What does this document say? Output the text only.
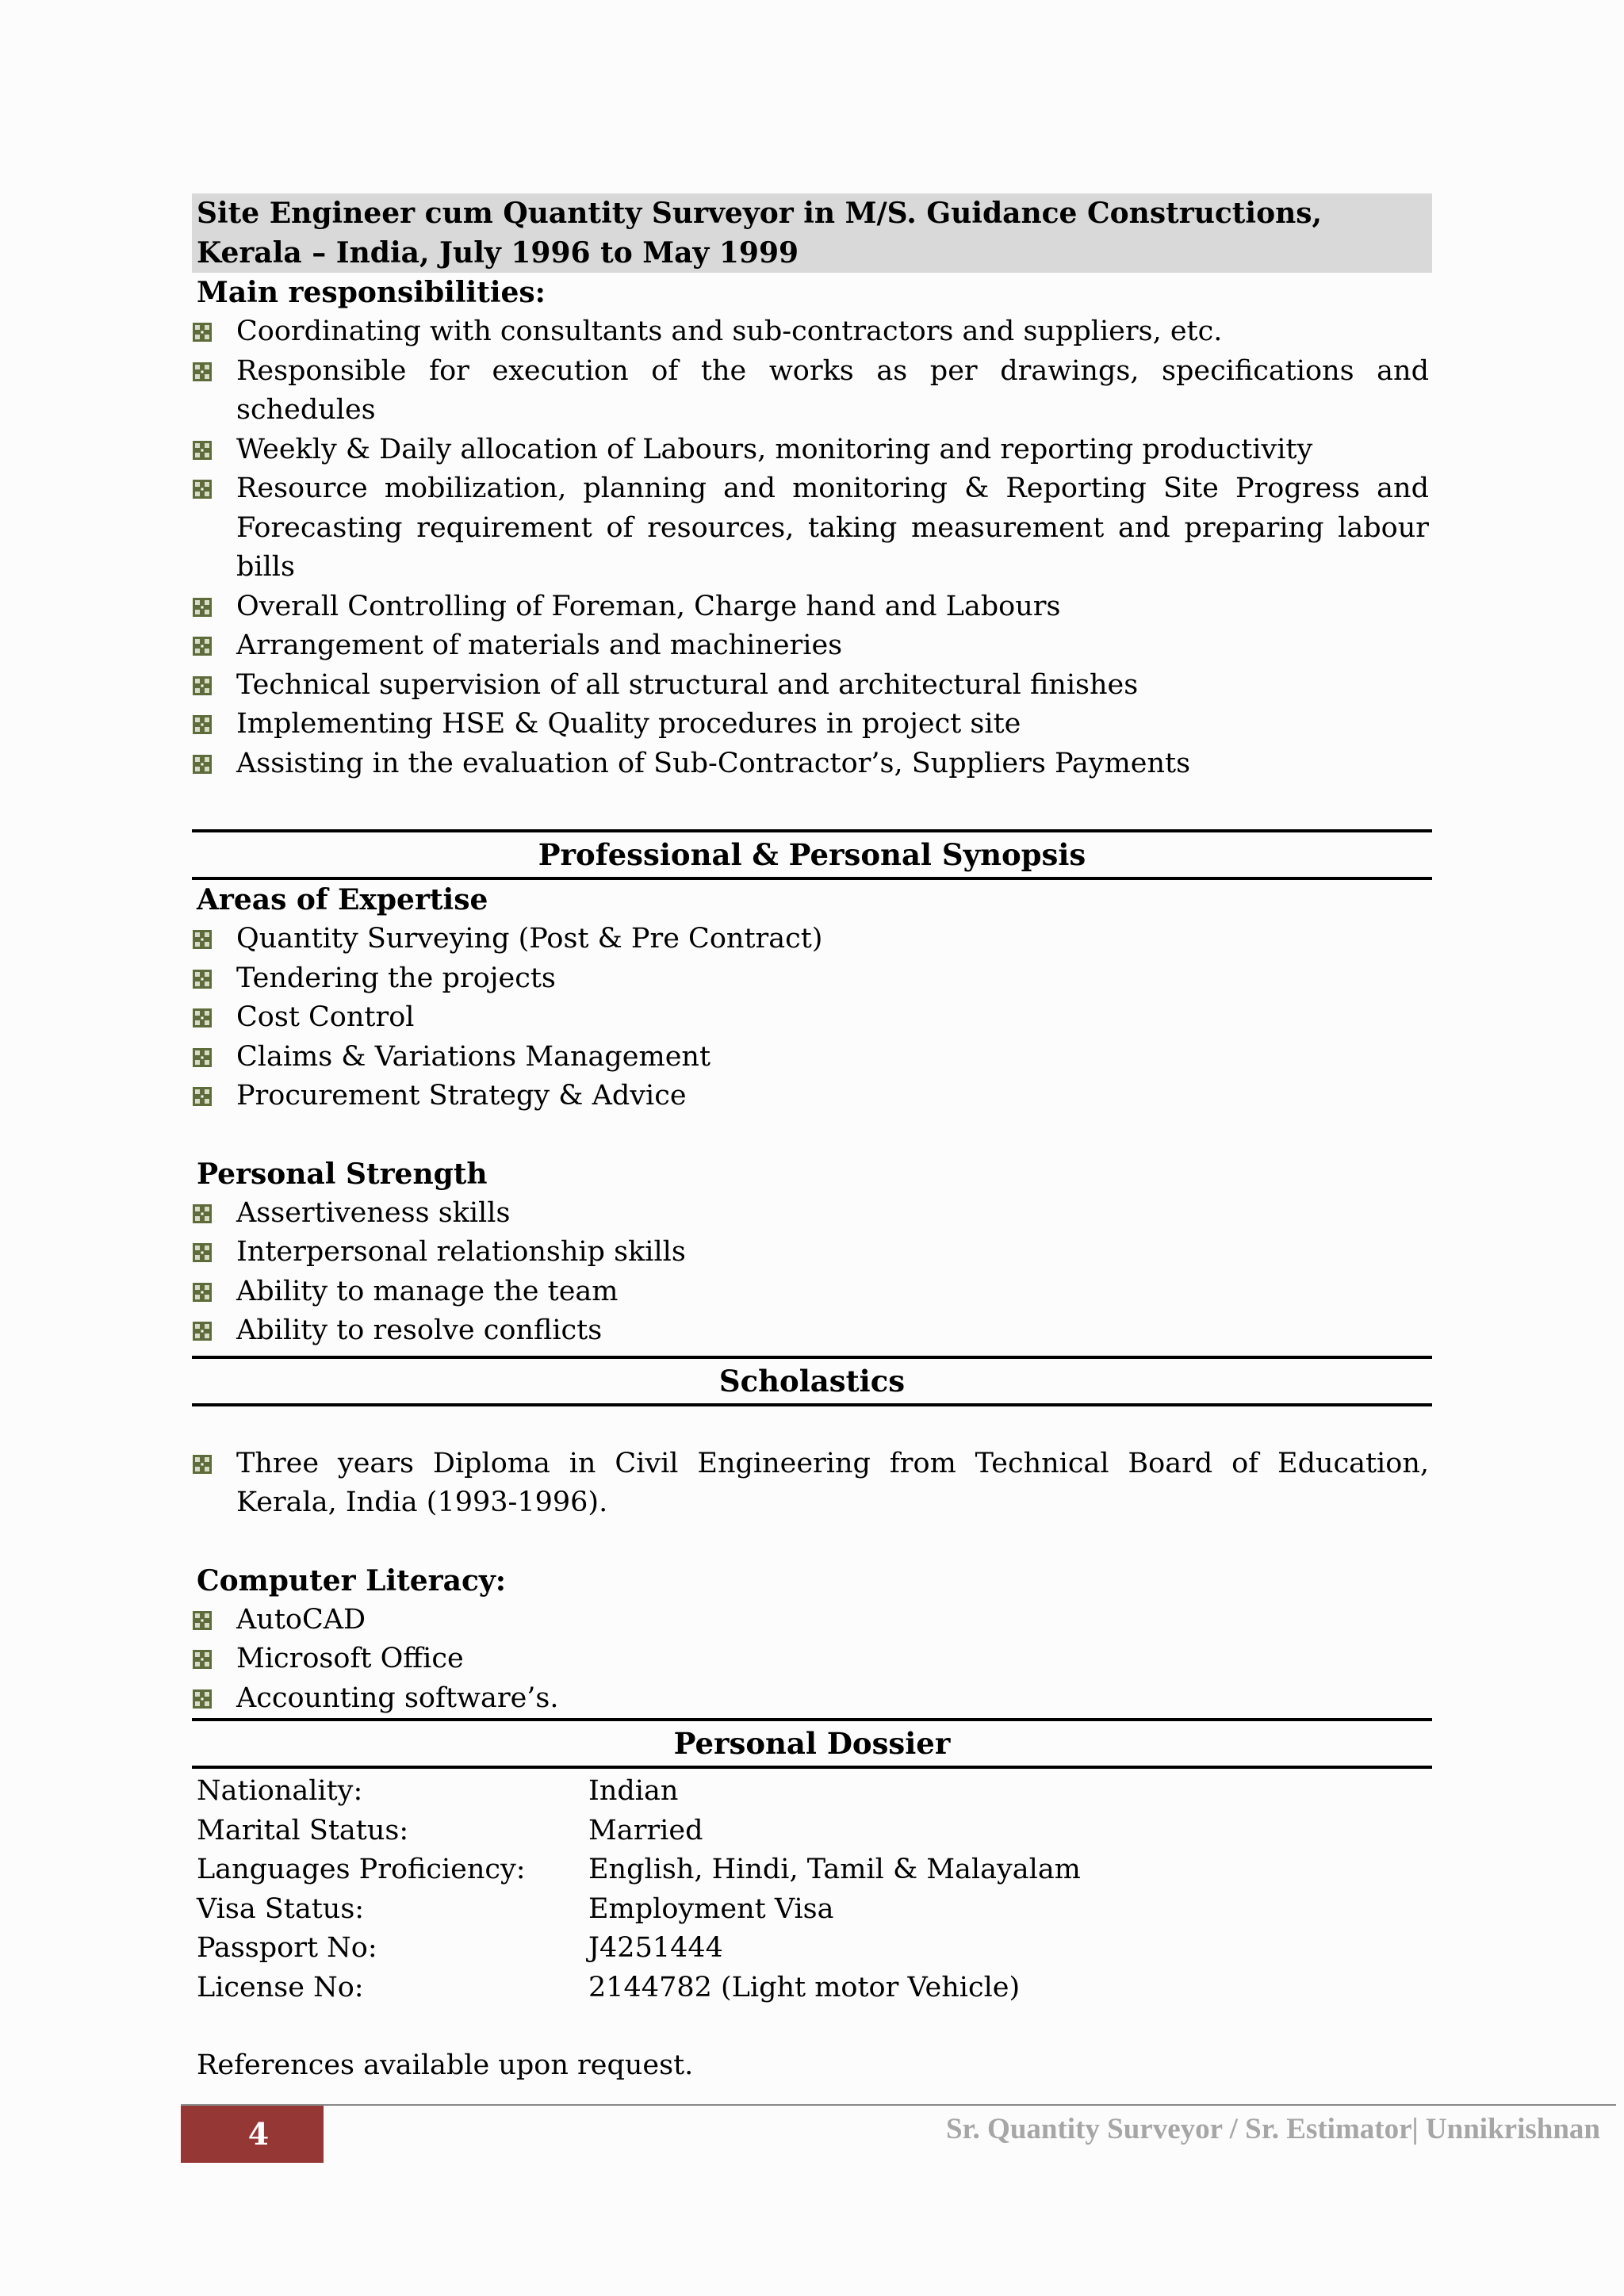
Site Engineer cum Quantity Surveyor in M/S. Guidance Constructions, Kerala – India, July 1996 to May 1999
Main responsibilities:
Coordinating with consultants and sub-contractors and suppliers, etc.
Responsible for execution of the works as per drawings, specifications and schedules
Weekly & Daily allocation of Labours, monitoring and reporting productivity
Resource mobilization, planning and monitoring & Reporting Site Progress and Forecasting requirement of resources, taking measurement and preparing labour bills
Overall Controlling of Foreman, Charge hand and Labours
Arrangement of materials and machineries
Technical supervision of all structural and architectural finishes
Implementing HSE & Quality procedures in project site
Assisting in the evaluation of Sub-Contractor’s, Suppliers Payments
Professional & Personal Synopsis
Areas of Expertise
Quantity Surveying (Post & Pre Contract)
Tendering the projects
Cost Control
Claims & Variations Management
Procurement Strategy & Advice
Personal Strength
Assertiveness skills
Interpersonal relationship skills
Ability to manage the team
Ability to resolve conflicts
Scholastics
Three years Diploma in Civil Engineering from Technical Board of Education, Kerala, India (1993-1996).
Computer Literacy:
AutoCAD
Microsoft Office
Accounting software’s.
Personal Dossier
Nationality:	Indian
Marital Status:	Married
Languages Proficiency:	English, Hindi, Tamil & Malayalam
Visa Status:	Employment Visa
Passport No:	J4251444
License No:	2144782 (Light motor Vehicle)
References available upon request.
4	Sr. Quantity Surveyor / Sr. Estimator| Unnikrishnan
